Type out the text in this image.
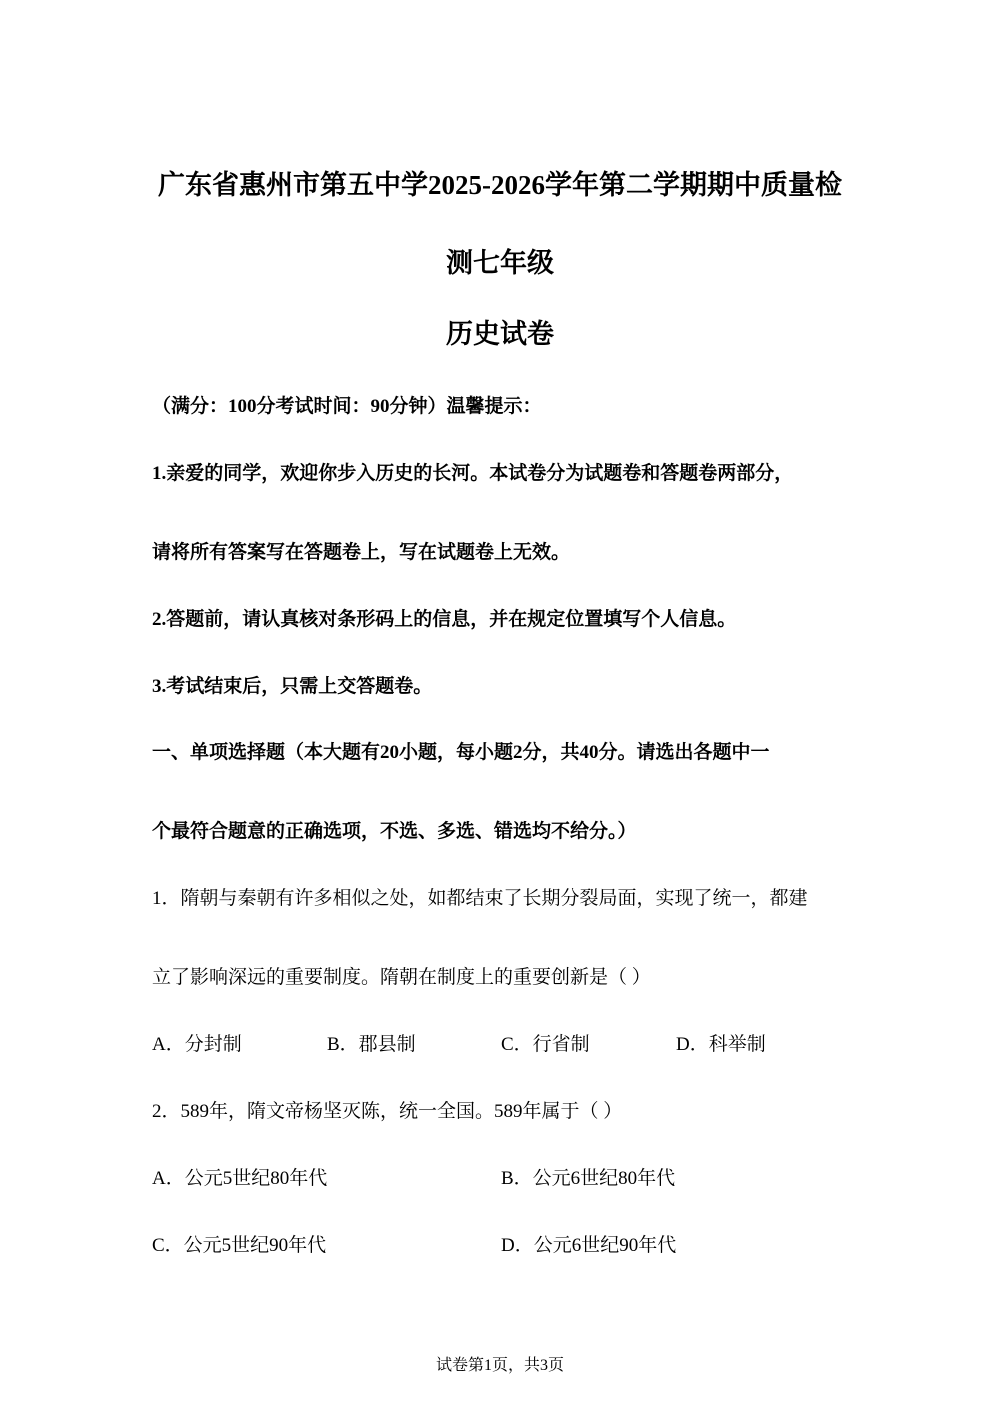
广东省惠州市第五中学2025-2026学年第二学期期中质量检
测七年级
历史试卷
（满分：100分考试时间：90分钟）温馨提示：
1.亲爱的同学，欢迎你步入历史的长河。本试卷分为试题卷和答题卷两部分，
请将所有答案写在答题卷上，写在试题卷上无效。
2.答题前，请认真核对条形码上的信息，并在规定位置填写个人信息。
3.考试结束后，只需上交答题卷。
一、单项选择题（本大题有20小题，每小题2分，共40分。请选出各题中一
个最符合题意的正确选项，不选、多选、错选均不给分。）
1．隋朝与秦朝有许多相似之处，如都结束了长期分裂局面，实现了统一，都建
立了影响深远的重要制度。隋朝在制度上的重要创新是（ ）
A．分封制	B．郡县制	C．行省制	D．科举制
2．589年，隋文帝杨坚灭陈，统一全国。589年属于（ ）
A．公元5世纪80年代	B．公元6世纪80年代
C．公元5世纪90年代	D．公元6世纪90年代
试卷第1页，共3页
